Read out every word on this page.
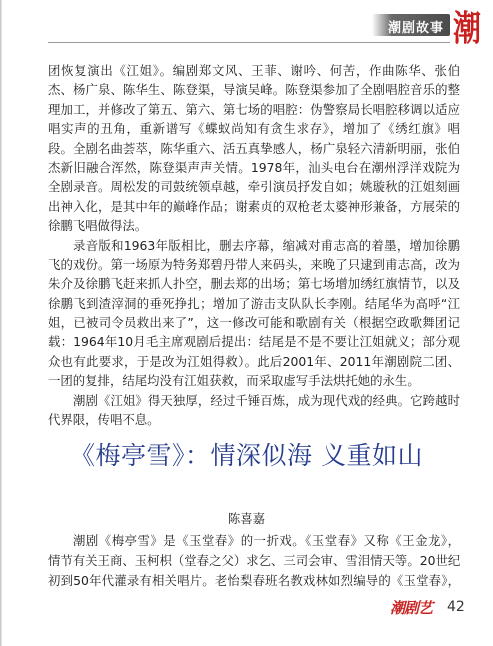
潮剧故事 潮
团恢复演出《江姐》。编剧郑文风、王菲、谢吟、何苦，作曲陈华、张伯
杰、杨广泉、陈华生、陈登渠，导演吴峰。陈登渠参加了全剧唱腔音乐的整
理加工，并修改了第五、第六、第七场的唱腔：伪警察局长唱腔移调以适应
唱实声的丑角，重新谱写《蝶蚁尚知有贪生求存》，增加了《绣红旗》唱
段。全剧名曲荟萃，陈华重六、活五真挚感人，杨广泉轻六清新明丽，张伯
杰新旧融合浑然，陈登渠声声关情。1978年，汕头电台在潮州浮洋戏院为
全剧录音。周松发的司鼓统领卓越，牵引演员抒发自如；姚璇秋的江姐刻画
出神入化，是其中年的巅峰作品；谢素贞的双枪老太婆神形兼备，方展荣的
徐鹏飞唱做得法。
录音版和1963年版相比，删去序幕，缩减对甫志高的着墨，增加徐鹏
飞的戏份。第一场原为特务郑碧丹带人来码头，来晚了只逮到甫志高，改为
朱介及徐鹏飞赶来抓人扑空，删去郑的出场；第七场增加绣红旗情节，以及
徐鹏飞到渣滓洞的垂死挣扎；增加了游击支队队长李刚。结尾华为高呼“江
姐，已被司令员救出来了”，这一修改可能和歌剧有关（根据空政歌舞团记
载：1964年10月毛主席观剧后提出：结尾是不是不要让江姐就义；部分观
众也有此要求，于是改为江姐得救）。此后2001年、2011年潮剧院二团、
一团的复排，结尾均没有江姐获救，而采取虚写手法烘托她的永生。
潮剧《江姐》得天独厚，经过千锤百炼，成为现代戏的经典。它跨越时
代界限，传唱不息。
《梅亭雪》：情深似海 义重如山
陈喜嘉
潮剧《梅亭雪》是《玉堂春》的一折戏。《玉堂春》又称《王金龙》，
情节有关王商、玉柯枳（堂春之父）求乞、三司会审、雪泪情天等。20世纪
初到50年代灌录有相关唱片。老怡梨春班名教戏林如烈编导的《玉堂春》，
潮剧艺	42
